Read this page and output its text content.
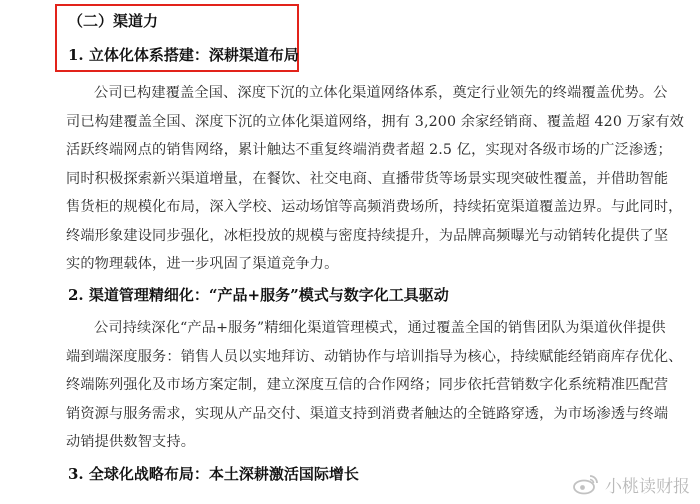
（二）渠道力
1. 立体化体系搭建：深耕渠道布局
公司已构建覆盖全国、深度下沉的立体化渠道网络体系，奠定行业领先的终端覆盖优势。公
司已构建覆盖全国、深度下沉的立体化渠道网络，拥有 3,200 余家经销商、覆盖超 420 万家有效
活跃终端网点的销售网络，累计触达不重复终端消费者超 2.5 亿，实现对各级市场的广泛渗透；
同时积极探索新兴渠道增量，在餐饮、社交电商、直播带货等场景实现突破性覆盖，并借助智能
售货柜的规模化布局，深入学校、运动场馆等高频消费场所，持续拓宽渠道覆盖边界。与此同时，
终端形象建设同步强化，冰柜投放的规模与密度持续提升，为品牌高频曝光与动销转化提供了坚
实的物理载体，进一步巩固了渠道竞争力。
2. 渠道管理精细化：“产品+服务”模式与数字化工具驱动
公司持续深化“产品+服务”精细化渠道管理模式，通过覆盖全国的销售团队为渠道伙伴提供
端到端深度服务：销售人员以实地拜访、动销协作与培训指导为核心，持续赋能经销商库存优化、
终端陈列强化及市场方案定制，建立深度互信的合作网络；同步依托营销数字化系统精准匹配营
销资源与服务需求，实现从产品交付、渠道支持到消费者触达的全链路穿透，为市场渗透与终端
动销提供数智支持。
3. 全球化战略布局：本土深耕激活国际增长
小桃读财报
